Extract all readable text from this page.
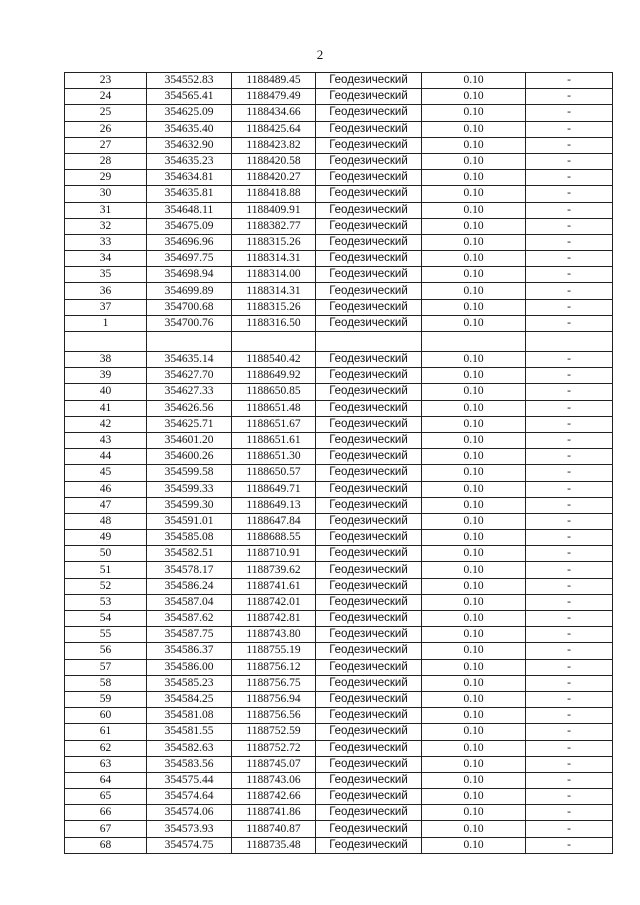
2
23	354552.83	1188489.45	Геодезический	0.10	-
24	354565.41	1188479.49	Геодезический	0.10	-
25	354625.09	1188434.66	Геодезический	0.10	-
26	354635.40	1188425.64	Геодезический	0.10	-
27	354632.90	1188423.82	Геодезический	0.10	-
28	354635.23	1188420.58	Геодезический	0.10	-
29	354634.81	1188420.27	Геодезический	0.10	-
30	354635.81	1188418.88	Геодезический	0.10	-
31	354648.11	1188409.91	Геодезический	0.10	-
32	354675.09	1188382.77	Геодезический	0.10	-
33	354696.96	1188315.26	Геодезический	0.10	-
34	354697.75	1188314.31	Геодезический	0.10	-
35	354698.94	1188314.00	Геодезический	0.10	-
36	354699.89	1188314.31	Геодезический	0.10	-
37	354700.68	1188315.26	Геодезический	0.10	-
1	354700.76	1188316.50	Геодезический	0.10	-

38	354635.14	1188540.42	Геодезический	0.10	-
39	354627.70	1188649.92	Геодезический	0.10	-
40	354627.33	1188650.85	Геодезический	0.10	-
41	354626.56	1188651.48	Геодезический	0.10	-
42	354625.71	1188651.67	Геодезический	0.10	-
43	354601.20	1188651.61	Геодезический	0.10	-
44	354600.26	1188651.30	Геодезический	0.10	-
45	354599.58	1188650.57	Геодезический	0.10	-
46	354599.33	1188649.71	Геодезический	0.10	-
47	354599.30	1188649.13	Геодезический	0.10	-
48	354591.01	1188647.84	Геодезический	0.10	-
49	354585.08	1188688.55	Геодезический	0.10	-
50	354582.51	1188710.91	Геодезический	0.10	-
51	354578.17	1188739.62	Геодезический	0.10	-
52	354586.24	1188741.61	Геодезический	0.10	-
53	354587.04	1188742.01	Геодезический	0.10	-
54	354587.62	1188742.81	Геодезический	0.10	-
55	354587.75	1188743.80	Геодезический	0.10	-
56	354586.37	1188755.19	Геодезический	0.10	-
57	354586.00	1188756.12	Геодезический	0.10	-
58	354585.23	1188756.75	Геодезический	0.10	-
59	354584.25	1188756.94	Геодезический	0.10	-
60	354581.08	1188756.56	Геодезический	0.10	-
61	354581.55	1188752.59	Геодезический	0.10	-
62	354582.63	1188752.72	Геодезический	0.10	-
63	354583.56	1188745.07	Геодезический	0.10	-
64	354575.44	1188743.06	Геодезический	0.10	-
65	354574.64	1188742.66	Геодезический	0.10	-
66	354574.06	1188741.86	Геодезический	0.10	-
67	354573.93	1188740.87	Геодезический	0.10	-
68	354574.75	1188735.48	Геодезический	0.10	-
